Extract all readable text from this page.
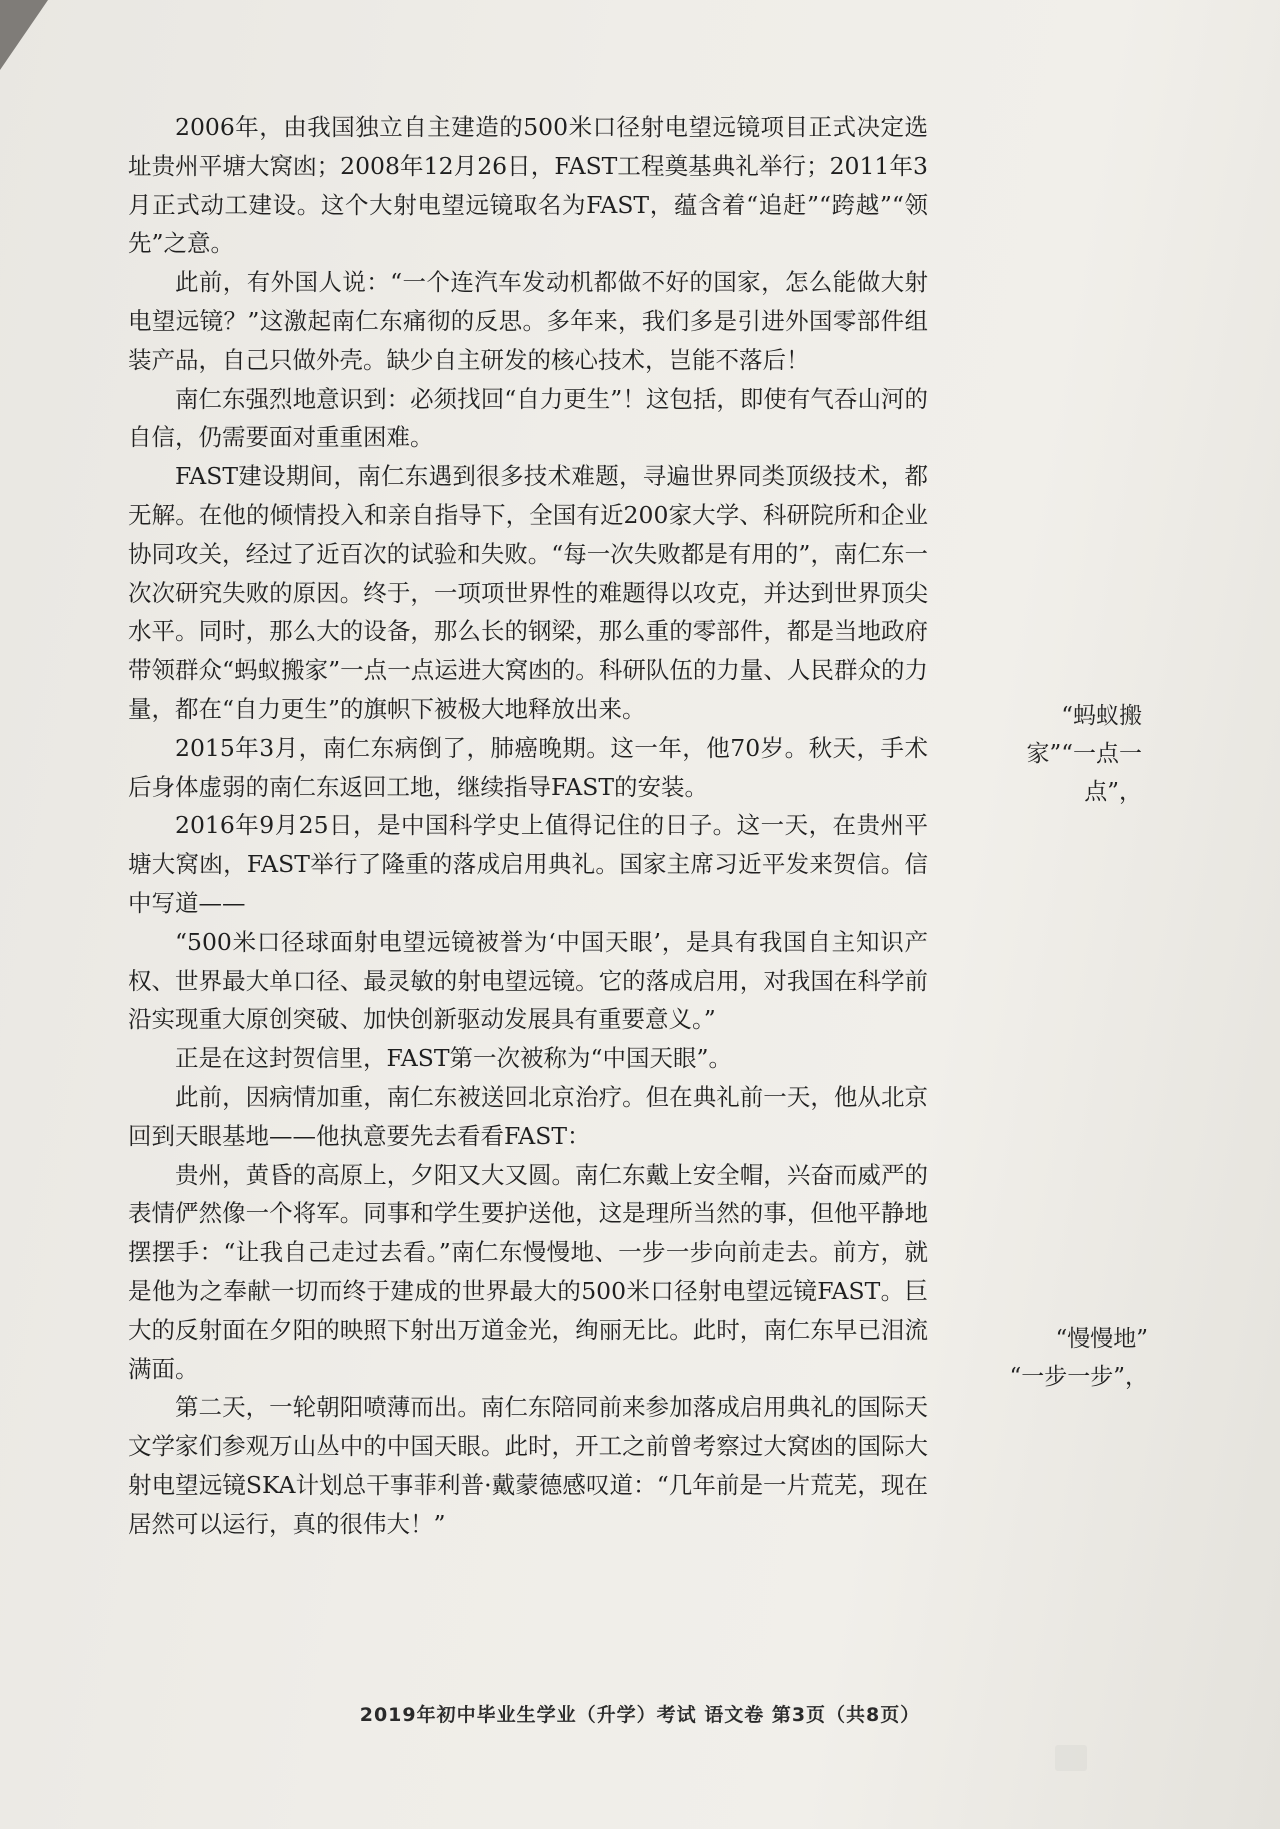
2006年，由我国独立自主建造的500米口径射电望远镜项目正式决定选址贵州平塘大窝凼；2008年12月26日，FAST工程奠基典礼举行；2011年3月正式动工建设。这个大射电望远镜取名为FAST，蕴含着“追赶”“跨越”“领先”之意。

此前，有外国人说：“一个连汽车发动机都做不好的国家，怎么能做大射电望远镜？”这激起南仁东痛彻的反思。多年来，我们多是引进外国零部件组装产品，自己只做外壳。缺少自主研发的核心技术，岂能不落后！

南仁东强烈地意识到：必须找回“自力更生”！这包括，即使有气吞山河的自信，仍需要面对重重困难。

FAST建设期间，南仁东遇到很多技术难题，寻遍世界同类顶级技术，都无解。在他的倾情投入和亲自指导下，全国有近200家大学、科研院所和企业协同攻关，经过了近百次的试验和失败。“每一次失败都是有用的”，南仁东一次次研究失败的原因。终于，一项项世界性的难题得以攻克，并达到世界顶尖水平。同时，那么大的设备，那么长的钢梁，那么重的零部件，都是当地政府带领群众“蚂蚁搬家”一点一点运进大窝凼的。科研队伍的力量、人民群众的力量，都在“自力更生”的旗帜下被极大地释放出来。

2015年3月，南仁东病倒了，肺癌晚期。这一年，他70岁。秋天，手术后身体虚弱的南仁东返回工地，继续指导FAST的安装。

2016年9月25日，是中国科学史上值得记住的日子。这一天，在贵州平塘大窝凼，FAST举行了隆重的落成启用典礼。国家主席习近平发来贺信。信中写道——

“500米口径球面射电望远镜被誉为‘中国天眼’，是具有我国自主知识产权、世界最大单口径、最灵敏的射电望远镜。它的落成启用，对我国在科学前沿实现重大原创突破、加快创新驱动发展具有重要意义。”

正是在这封贺信里，FAST第一次被称为“中国天眼”。

此前，因病情加重，南仁东被送回北京治疗。但在典礼前一天，他从北京回到天眼基地——他执意要先去看看FAST：

贵州，黄昏的高原上，夕阳又大又圆。南仁东戴上安全帽，兴奋而威严的表情俨然像一个将军。同事和学生要护送他，这是理所当然的事，但他平静地摆摆手：“让我自己走过去看。”南仁东慢慢地、一步一步向前走去。前方，就是他为之奉献一切而终于建成的世界最大的500米口径射电望远镜FAST。巨大的反射面在夕阳的映照下射出万道金光，绚丽无比。此时，南仁东早已泪流满面。

第二天，一轮朝阳喷薄而出。南仁东陪同前来参加落成启用典礼的国际天文学家们参观万山丛中的中国天眼。此时，开工之前曾考察过大窝凼的国际大射电望远镜SKA计划总干事菲利普·戴蒙德感叹道：“几年前是一片荒芜，现在居然可以运行，真的很伟大！”

“蚂蚁搬
家”“一点一
点”，
“慢慢地”
“一步一步”，
2019年初中毕业生学业（升学）考试 语文卷 第3页（共8页）
